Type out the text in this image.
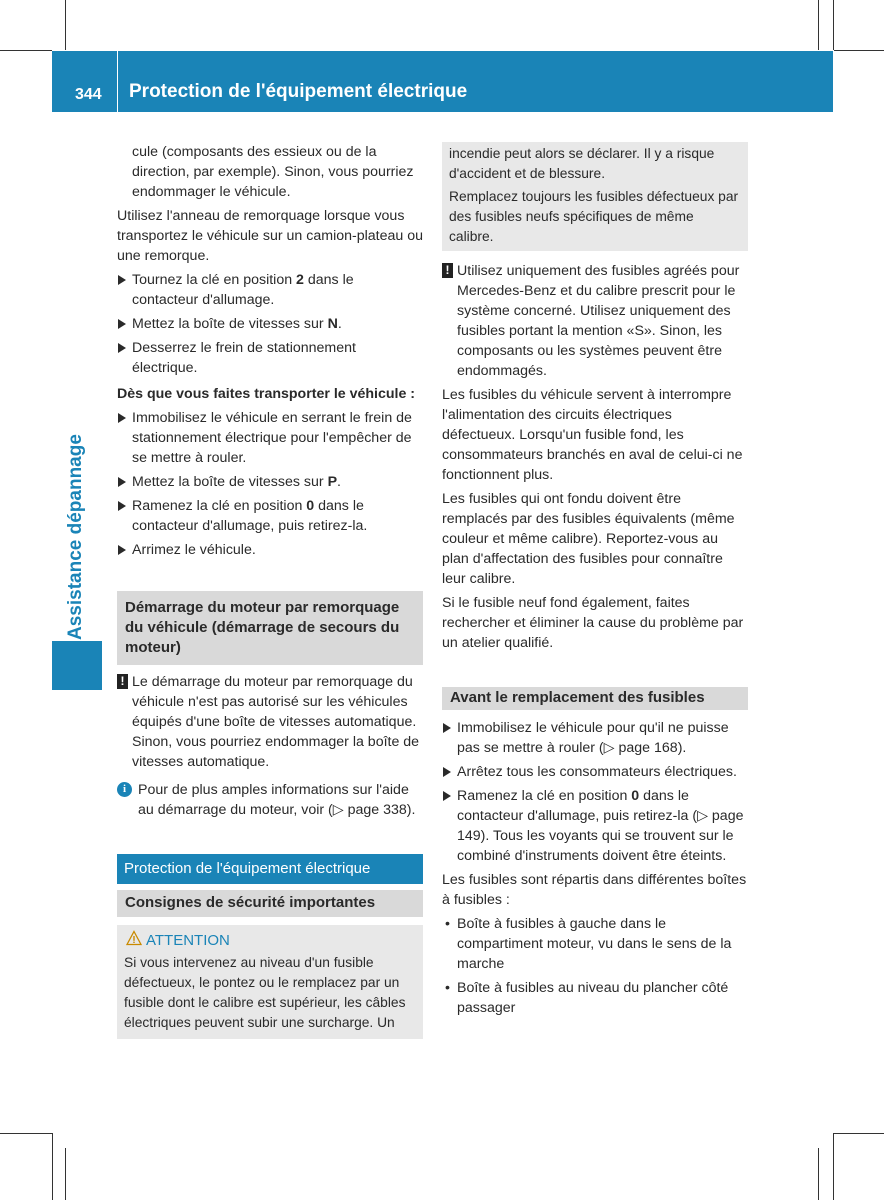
344 Protection de l'équipement électrique
Assistance dépannage

cule (composants des essieux ou de la direction, par exemple). Sinon, vous pourriez endommager le véhicule.

Utilisez l'anneau de remorquage lorsque vous transportez le véhicule sur un camion-plateau ou une remorque.

Tournez la clé en position 2 dans le contacteur d'allumage.
Mettez la boîte de vitesses sur N.
Desserrez le frein de stationnement électrique.

Dès que vous faites transporter le véhicule :

Immobilisez le véhicule en serrant le frein de stationnement électrique pour l'empêcher de se mettre à rouler.
Mettez la boîte de vitesses sur P.
Ramenez la clé en position 0 dans le contacteur d'allumage, puis retirez-la.
Arrimez le véhicule.
Démarrage du moteur par remorquage du véhicule (démarrage de secours du moteur)
! Le démarrage du moteur par remorquage du véhicule n'est pas autorisé sur les véhicules équipés d'une boîte de vitesses automatique. Sinon, vous pourriez endommager la boîte de vitesses automatique.
i Pour de plus amples informations sur l'aide au démarrage du moteur, voir (▷ page 338).
Protection de l'équipement électrique
Consignes de sécurité importantes
ATTENTION
Si vous intervenez au niveau d'un fusible défectueux, le pontez ou le remplacez par un fusible dont le calibre est supérieur, les câbles électriques peuvent subir une surcharge. Un

incendie peut alors se déclarer. Il y a risque d'accident et de blessure.

Remplacez toujours les fusibles défectueux par des fusibles neufs spécifiques de même calibre.

! Utilisez uniquement des fusibles agréés pour Mercedes-Benz et du calibre prescrit pour le système concerné. Utilisez uniquement des fusibles portant la mention «S». Sinon, les composants ou les systèmes peuvent être endommagés.

Les fusibles du véhicule servent à interrompre l'alimentation des circuits électriques défectueux. Lorsqu'un fusible fond, les consommateurs branchés en aval de celui-ci ne fonctionnent plus.

Les fusibles qui ont fondu doivent être remplacés par des fusibles équivalents (même couleur et même calibre). Reportez-vous au plan d'affectation des fusibles pour connaître leur calibre.

Si le fusible neuf fond également, faites rechercher et éliminer la cause du problème par un atelier qualifié.

Avant le remplacement des fusibles
Immobilisez le véhicule pour qu'il ne puisse pas se mettre à rouler (▷ page 168).
Arrêtez tous les consommateurs électriques.
Ramenez la clé en position 0 dans le contacteur d'allumage, puis retirez-la (▷ page 149). Tous les voyants qui se trouvent sur le combiné d'instruments doivent être éteints.

Les fusibles sont répartis dans différentes boîtes à fusibles :

• Boîte à fusibles à gauche dans le compartiment moteur, vu dans le sens de la marche
• Boîte à fusibles au niveau du plancher côté passager
